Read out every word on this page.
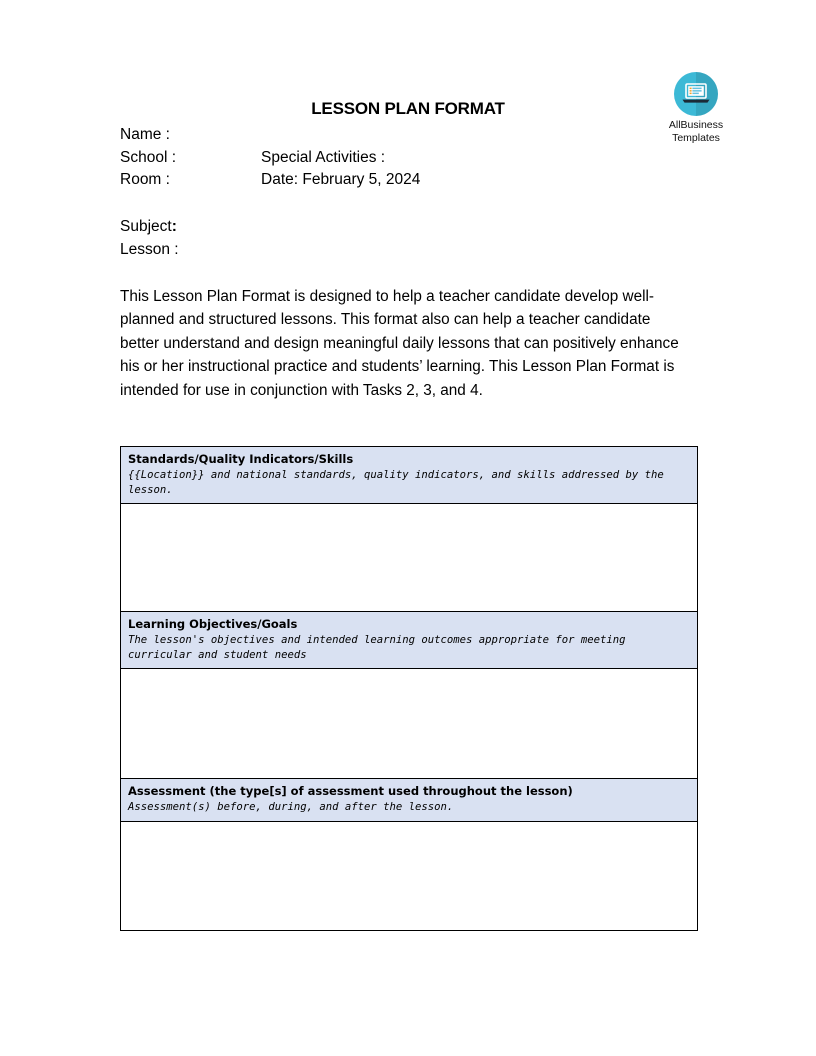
AllBusiness
Templates
LESSON PLAN FORMAT
Name :
School :	Special Activities :
Room :	Date: February 5, 2024
Subject:
Lesson :
This Lesson Plan Format is designed to help a teacher candidate develop well-planned and structured lessons. This format also can help a teacher candidate better understand and design meaningful daily lessons that can positively enhance his or her instructional practice and students’ learning. This Lesson Plan Format is intended for use in conjunction with Tasks 2, 3, and 4.
Standards/Quality Indicators/Skills
{{Location}} and national standards, quality indicators, and skills addressed by the lesson.
Learning Objectives/Goals
The lesson's objectives and intended learning outcomes appropriate for meeting curricular and student needs
Assessment (the type[s] of assessment used throughout the lesson)
Assessment(s) before, during, and after the lesson.
